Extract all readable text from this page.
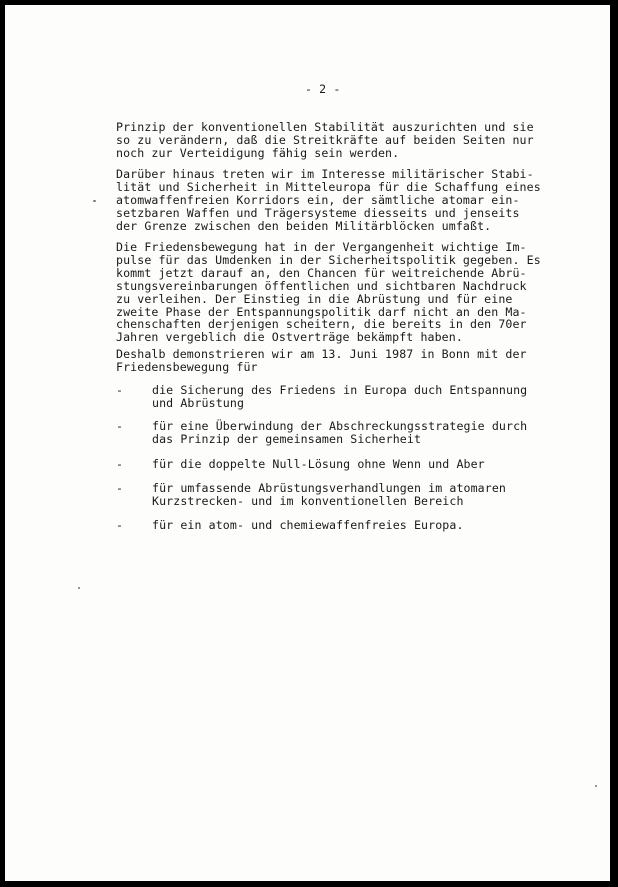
- 2 -
Prinzip der konventionellen Stabilität auszurichten und sie
so zu verändern, daß die Streitkräfte auf beiden Seiten nur
noch zur Verteidigung fähig sein werden.
Darüber hinaus treten wir im Interesse militärischer Stabi-
lität und Sicherheit in Mitteleuropa für die Schaffung eines
atomwaffenfreien Korridors ein, der sämtliche atomar ein-
setzbaren Waffen und Trägersysteme diesseits und jenseits
der Grenze zwischen den beiden Militärblöcken umfaßt.
Die Friedensbewegung hat in der Vergangenheit wichtige Im-
pulse für das Umdenken in der Sicherheitspolitik gegeben. Es
kommt jetzt darauf an, den Chancen für weitreichende Abrü-
stungsvereinbarungen öffentlichen und sichtbaren Nachdruck
zu verleihen. Der Einstieg in die Abrüstung und für eine
zweite Phase der Entspannungspolitik darf nicht an den Ma-
chenschaften derjenigen scheitern, die bereits in den 70er
Jahren vergeblich die Ostverträge bekämpft haben.
Deshalb demonstrieren wir am 13. Juni 1987 in Bonn mit der
Friedensbewegung für
- die Sicherung des Friedens in Europa duch Entspannung
und Abrüstung
- für eine Überwindung der Abschreckungsstrategie durch
das Prinzip der gemeinsamen Sicherheit
- für die doppelte Null-Lösung ohne Wenn und Aber
- für umfassende Abrüstungsverhandlungen im atomaren
Kurzstrecken- und im konventionellen Bereich
- für ein atom- und chemiewaffenfreies Europa.
